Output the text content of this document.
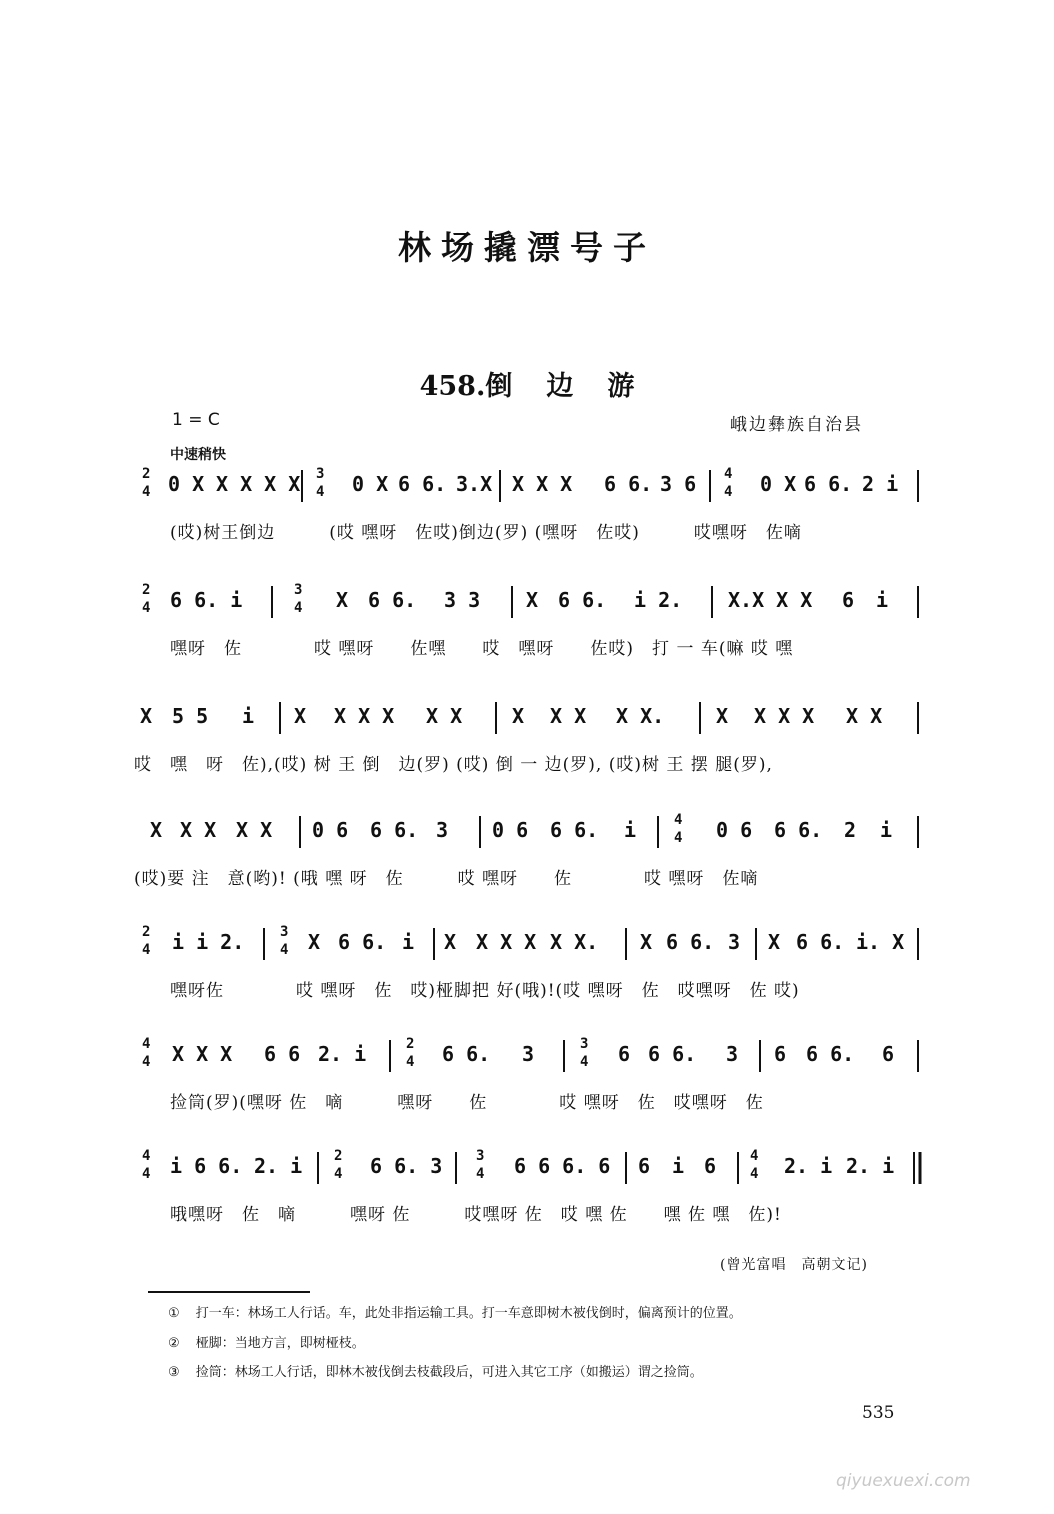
林场撬漂号子
458.倒 边 游
1 = C	峨边彝族自治县
中速稍快
2
4 0 X X X X X 3
4 0 X 6 6. 3.X X X X 6 6. 3 6 4
4 0 X 6 6. 2 i
(哎)树王倒边　　　(哎 嘿呀　佐哎)倒边(罗) (嘿呀　佐哎)　　　哎嘿呀　佐嘀
2
4 6 6. i	3
4 X 6 6. 3 3 X 6 6. i 2. X.X X X 6 i
嘿呀　佐　　　　哎 嘿呀　　佐嘿　　哎　嘿呀　　佐哎)　打 一 车(嘛 哎 嘿
X 5 5 i X X X X X X X X X X X.	X X X X X X
哎　嘿　呀　佐),(哎) 树 王 倒　边(罗) (哎) 倒 一 边(罗), (哎)树 王 摆 腿(罗),
X X X X X 0 6 6 6. 3 0 6 6 6. i	4
4 0 6 6 6. 2 i
(哎)要 注　意(哟)! (哦 嘿 呀　佐　　　哎 嘿呀　　佐　　　　哎 嘿呀　佐嘀
2
4 i i 2.	3
4 X 6 6. i X X X X X X. X 6 6. 3 X 6 6. i. X
嘿呀佐　　　　哎 嘿呀　佐　哎)桠脚把 好(哦)!(哎 嘿呀　佐　哎嘿呀　佐 哎)
4
4 X X X 6 6 2. i	2
4 6 6. 3	3
4 6 6 6. 3 6 6 6. 6
捡筒(罗)(嘿呀 佐　嘀　　　嘿呀　　佐　　　　哎 嘿呀　佐　哎嘿呀　佐
4
4 i 6 6. 2. i 2
4 6 6. 3 3
4 6 6 6. 6 6 i 6 4
4 2. i 2. i
哦嘿呀　佐　嘀　　　嘿呀 佐　　　哎嘿呀 佐　哎 嘿 佐　　嘿 佐 嘿　佐)!
(曾光富唱　高朝文记)
① 打一车：林场工人行话。车，此处非指运输工具。打一车意即树木被伐倒时，偏离预计的位置。
② 桠脚：当地方言，即树桠枝。
③ 捡筒：林场工人行话，即林木被伐倒去枝截段后，可进入其它工序（如搬运）谓之捡筒。
535
qiyuexuexi.com
